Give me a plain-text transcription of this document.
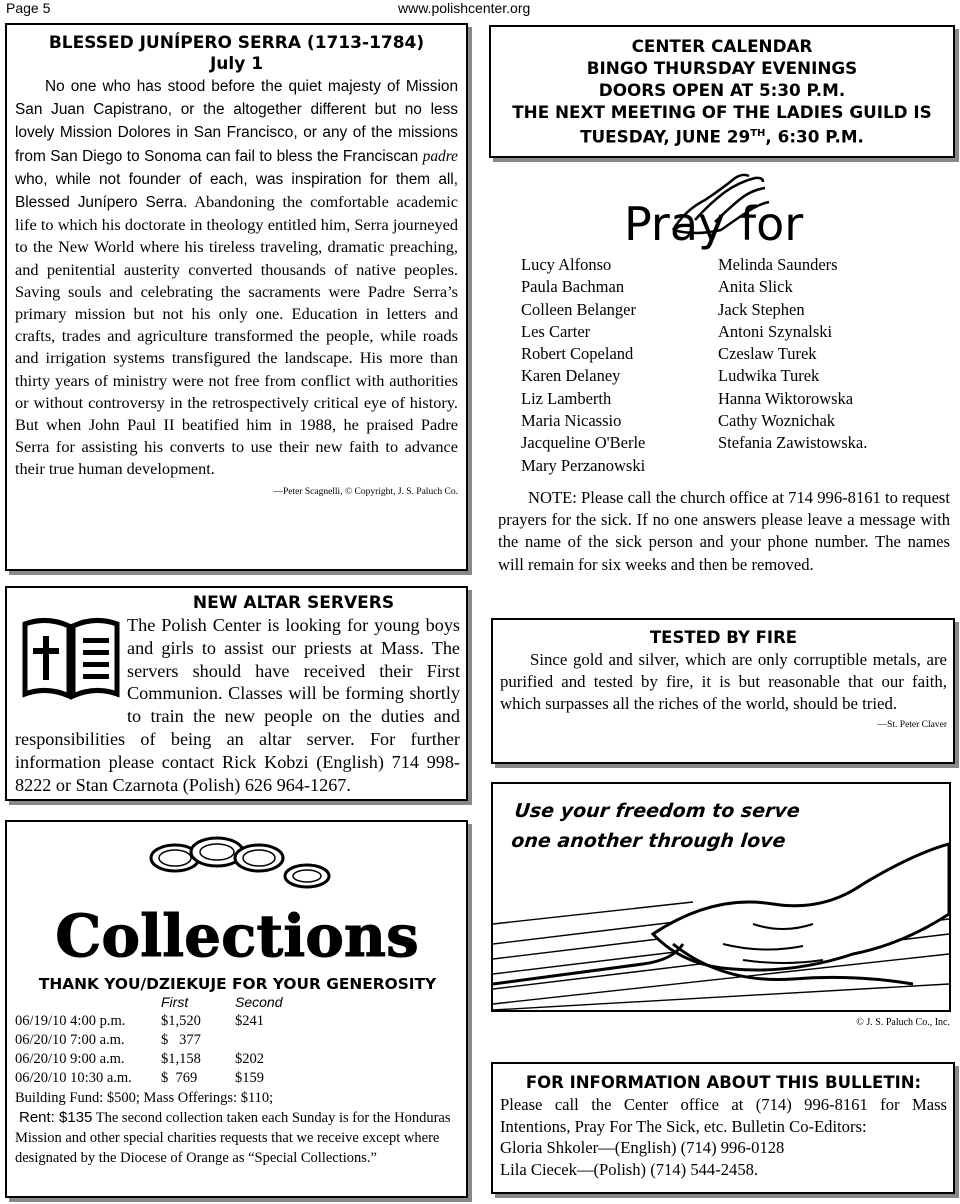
Page 5	www.polishcenter.org
BLESSED JUNÍPERO SERRA (1713-1784)
July 1
No one who has stood before the quiet majesty of Mission San Juan Capistrano, or the altogether different but no less lovely Mission Dolores in San Francisco, or any of the missions from San Diego to Sonoma can fail to bless the Franciscan padre who, while not founder of each, was inspiration for them all, Blessed Junípero Serra. Abandoning the comfortable academic life to which his doctorate in theology entitled him, Serra journeyed to the New World where his tireless traveling, dramatic preaching, and penitential austerity converted thousands of native peoples. Saving souls and celebrating the sacraments were Padre Serra’s primary mission but not his only one. Education in letters and crafts, trades and agriculture transformed the people, while roads and irrigation systems transfigured the landscape. His more than thirty years of ministry were not free from conflict with authorities or without controversy in the retrospectively critical eye of history. But when John Paul II beatified him in 1988, he praised Padre Serra for assisting his converts to use their new faith to advance their true human development.
—Peter Scagnelli, © Copyright, J. S. Paluch Co.
NEW ALTAR SERVERS
The Polish Center is looking for young boys and girls to assist our priests at Mass. The servers should have received their First Communion. Classes will be forming shortly to train the new people on the duties and responsibilities of being an altar server. For further information please contact Rick Kobzi (English) 714 998-8222 or Stan Czarnota (Polish) 626 964-1267.
Collections
THANK YOU/DZIEKUJE FOR YOUR GENEROSITY
	First	Second
06/19/10 4:00 p.m.	$1,520	$241
06/20/10 7:00 a.m.	$   377	
06/20/10 9:00 a.m.	$1,158	$202
06/20/10 10:30 a.m.	$  769	$159
Building Fund: $500; Mass Offerings: $110;
Rent: $135 The second collection taken each Sunday is for the Honduras Mission and other special charities requests that we receive except where designated by the Diocese of Orange as “Special Collections.”
CENTER CALENDAR
BINGO THURSDAY EVENINGS
DOORS OPEN AT 5:30 P.M.
THE NEXT MEETING OF THE LADIES GUILD IS
TUESDAY, JUNE 29TH, 6:30 P.M.
Pray for
Lucy Alfonso
Paula Bachman
Colleen Belanger
Les Carter
Robert Copeland
Karen Delaney
Liz Lamberth
Maria Nicassio
Jacqueline O'Berle
Mary Perzanowski
Melinda Saunders
Anita Slick
Jack Stephen
Antoni Szynalski
Czeslaw Turek
Ludwika Turek
Hanna Wiktorowska
Cathy Woznichak
Stefania Zawistowska.
NOTE: Please call the church office at 714 996-8161 to request prayers for the sick. If no one answers please leave a message with the name of the sick person and your phone number. The names will remain for six weeks and then be removed.
TESTED BY FIRE
Since gold and silver, which are only corruptible metals, are purified and tested by fire, it is but reasonable that our faith, which surpasses all the riches of the world, should be tried.
—St. Peter Claver
Use your freedom to serve
one another through love
© J. S. Paluch Co., Inc.
FOR INFORMATION ABOUT THIS BULLETIN:
Please call the Center office at (714) 996-8161 for Mass Intentions, Pray For The Sick, etc. Bulletin Co-Editors:
Gloria Shkoler—(English) (714) 996-0128
Lila Ciecek—(Polish) (714) 544-2458.
